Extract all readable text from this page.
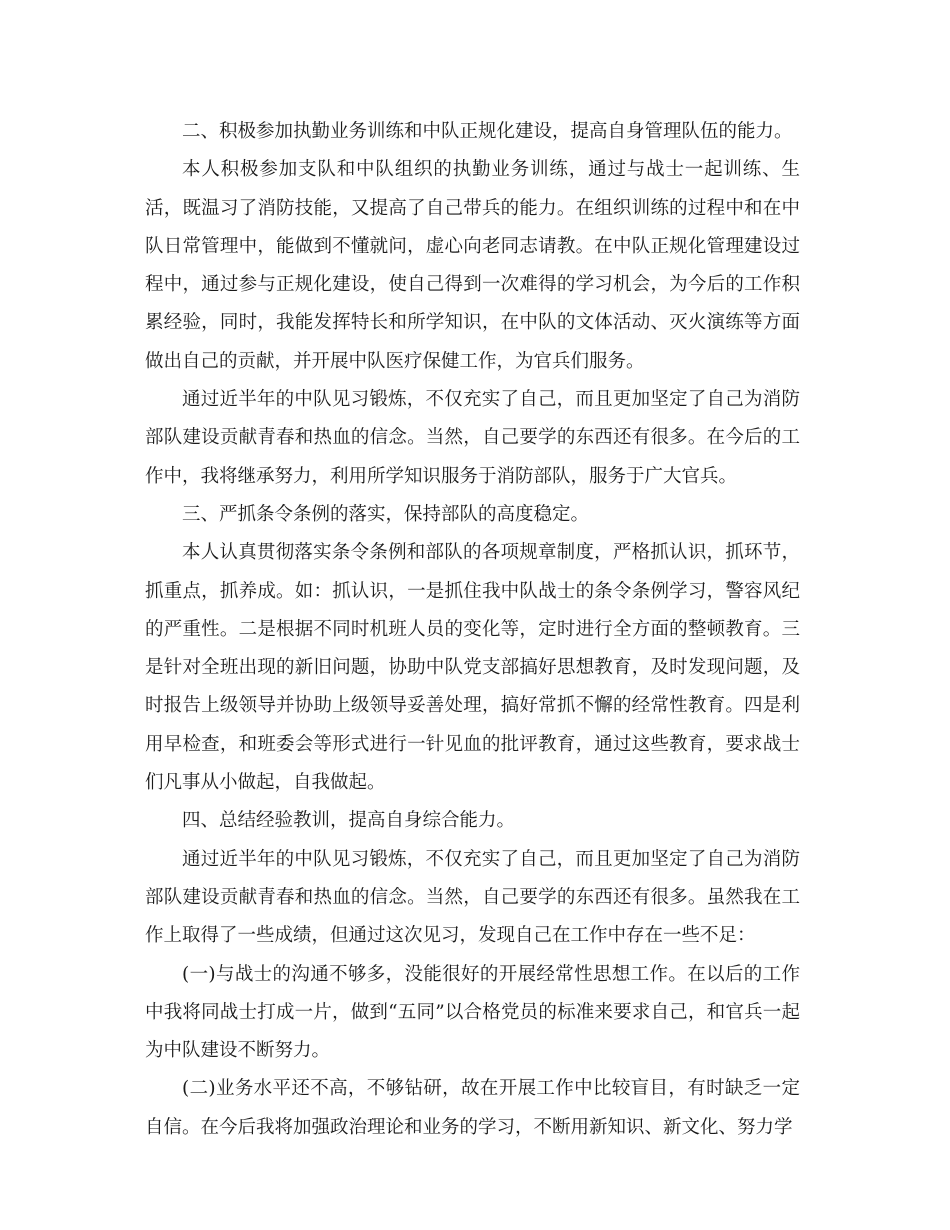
二、积极参加执勤业务训练和中队正规化建设，提高自身管理队伍的能力。

本人积极参加支队和中队组织的执勤业务训练，通过与战士一起训练、生活，既温习了消防技能，又提高了自己带兵的能力。在组织训练的过程中和在中队日常管理中，能做到不懂就问，虚心向老同志请教。在中队正规化管理建设过程中，通过参与正规化建设，使自己得到一次难得的学习机会，为今后的工作积累经验，同时，我能发挥特长和所学知识，在中队的文体活动、灭火演练等方面做出自己的贡献，并开展中队医疗保健工作，为官兵们服务。

通过近半年的中队见习锻炼，不仅充实了自己，而且更加坚定了自己为消防部队建设贡献青春和热血的信念。当然，自己要学的东西还有很多。在今后的工作中，我将继承努力，利用所学知识服务于消防部队，服务于广大官兵。

三、严抓条令条例的落实，保持部队的高度稳定。

本人认真贯彻落实条令条例和部队的各项规章制度，严格抓认识，抓环节，抓重点，抓养成。如：抓认识，一是抓住我中队战士的条令条例学习，警容风纪的严重性。二是根据不同时机班人员的变化等，定时进行全方面的整顿教育。三是针对全班出现的新旧问题，协助中队党支部搞好思想教育，及时发现问题，及时报告上级领导并协助上级领导妥善处理，搞好常抓不懈的经常性教育。四是利用早检查，和班委会等形式进行一针见血的批评教育，通过这些教育，要求战士们凡事从小做起，自我做起。

四、总结经验教训，提高自身综合能力。

通过近半年的中队见习锻炼，不仅充实了自己，而且更加坚定了自己为消防部队建设贡献青春和热血的信念。当然，自己要学的东西还有很多。虽然我在工作上取得了一些成绩，但通过这次见习，发现自己在工作中存在一些不足：

(一)与战士的沟通不够多，没能很好的开展经常性思想工作。在以后的工作中我将同战士打成一片，做到“五同”以合格党员的标准来要求自己，和官兵一起为中队建设不断努力。

(二)业务水平还不高，不够钻研，故在开展工作中比较盲目，有时缺乏一定自信。在今后我将加强政治理论和业务的学习，不断用新知识、新文化、努力学
